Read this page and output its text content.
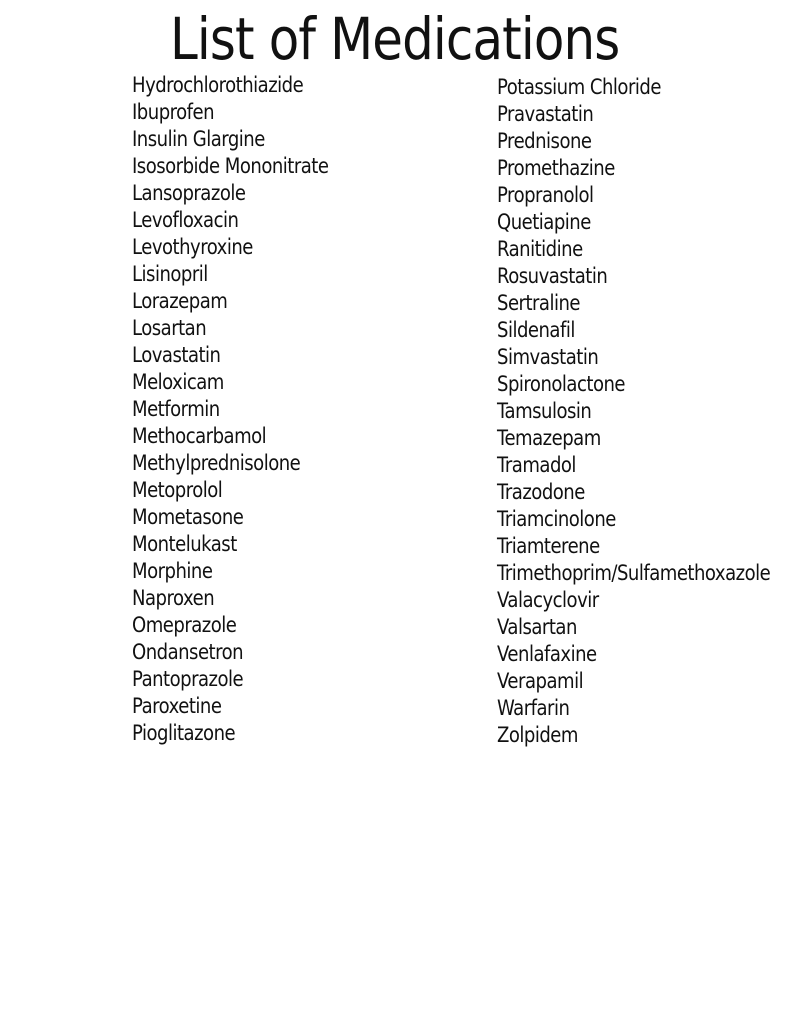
List of Medications
Hydrochlorothiazide
Ibuprofen
Insulin Glargine
Isosorbide Mononitrate
Lansoprazole
Levofloxacin
Levothyroxine
Lisinopril
Lorazepam
Losartan
Lovastatin
Meloxicam
Metformin
Methocarbamol
Methylprednisolone
Metoprolol
Mometasone
Montelukast
Morphine
Naproxen
Omeprazole
Ondansetron
Pantoprazole
Paroxetine
Pioglitazone
Potassium Chloride
Pravastatin
Prednisone
Promethazine
Propranolol
Quetiapine
Ranitidine
Rosuvastatin
Sertraline
Sildenafil
Simvastatin
Spironolactone
Tamsulosin
Temazepam
Tramadol
Trazodone
Triamcinolone
Triamterene
Trimethoprim/Sulfamethoxazole
Valacyclovir
Valsartan
Venlafaxine
Verapamil
Warfarin
Zolpidem
